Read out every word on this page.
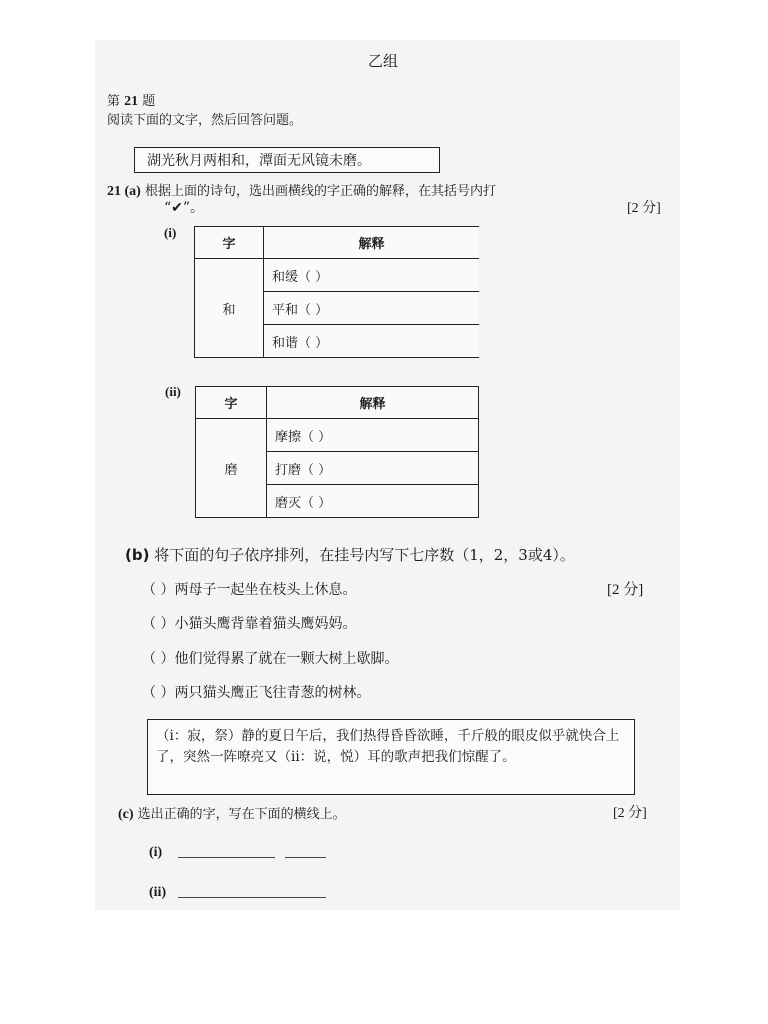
乙组
第 21 题
阅读下面的文字，然后回答问题。
湖光秋月两相和，潭面无风镜未磨。
21 (a) 根据上面的诗句，选出画横线的字正确的解释，在其括号内打
“✔”。	[2 分]
(i)
字	解释
和	和缓（ ）
	平和（ ）
	和谐（ ）
(ii)
字	解释
磨	摩擦（ ）
	打磨（ ）
	磨灭（ ）
(b) 将下面的句子依序排列，在挂号内写下七序数（1，2，3或4）。
[2 分]
（ ）两母子一起坐在枝头上休息。
（ ）小猫头鹰背靠着猫头鹰妈妈。
（ ）他们觉得累了就在一颗大树上歇脚。
（ ）两只猫头鹰正飞往青葱的树林。
（i：寂，祭）静的夏日午后，我们热得昏昏欲睡，千斤般的眼皮似乎就快合上了，突然一阵嘹亮又（ii：说，悦）耳的歌声把我们惊醒了。
(c) 选出正确的字，写在下面的横线上。	[2 分]
(i)
(ii)
